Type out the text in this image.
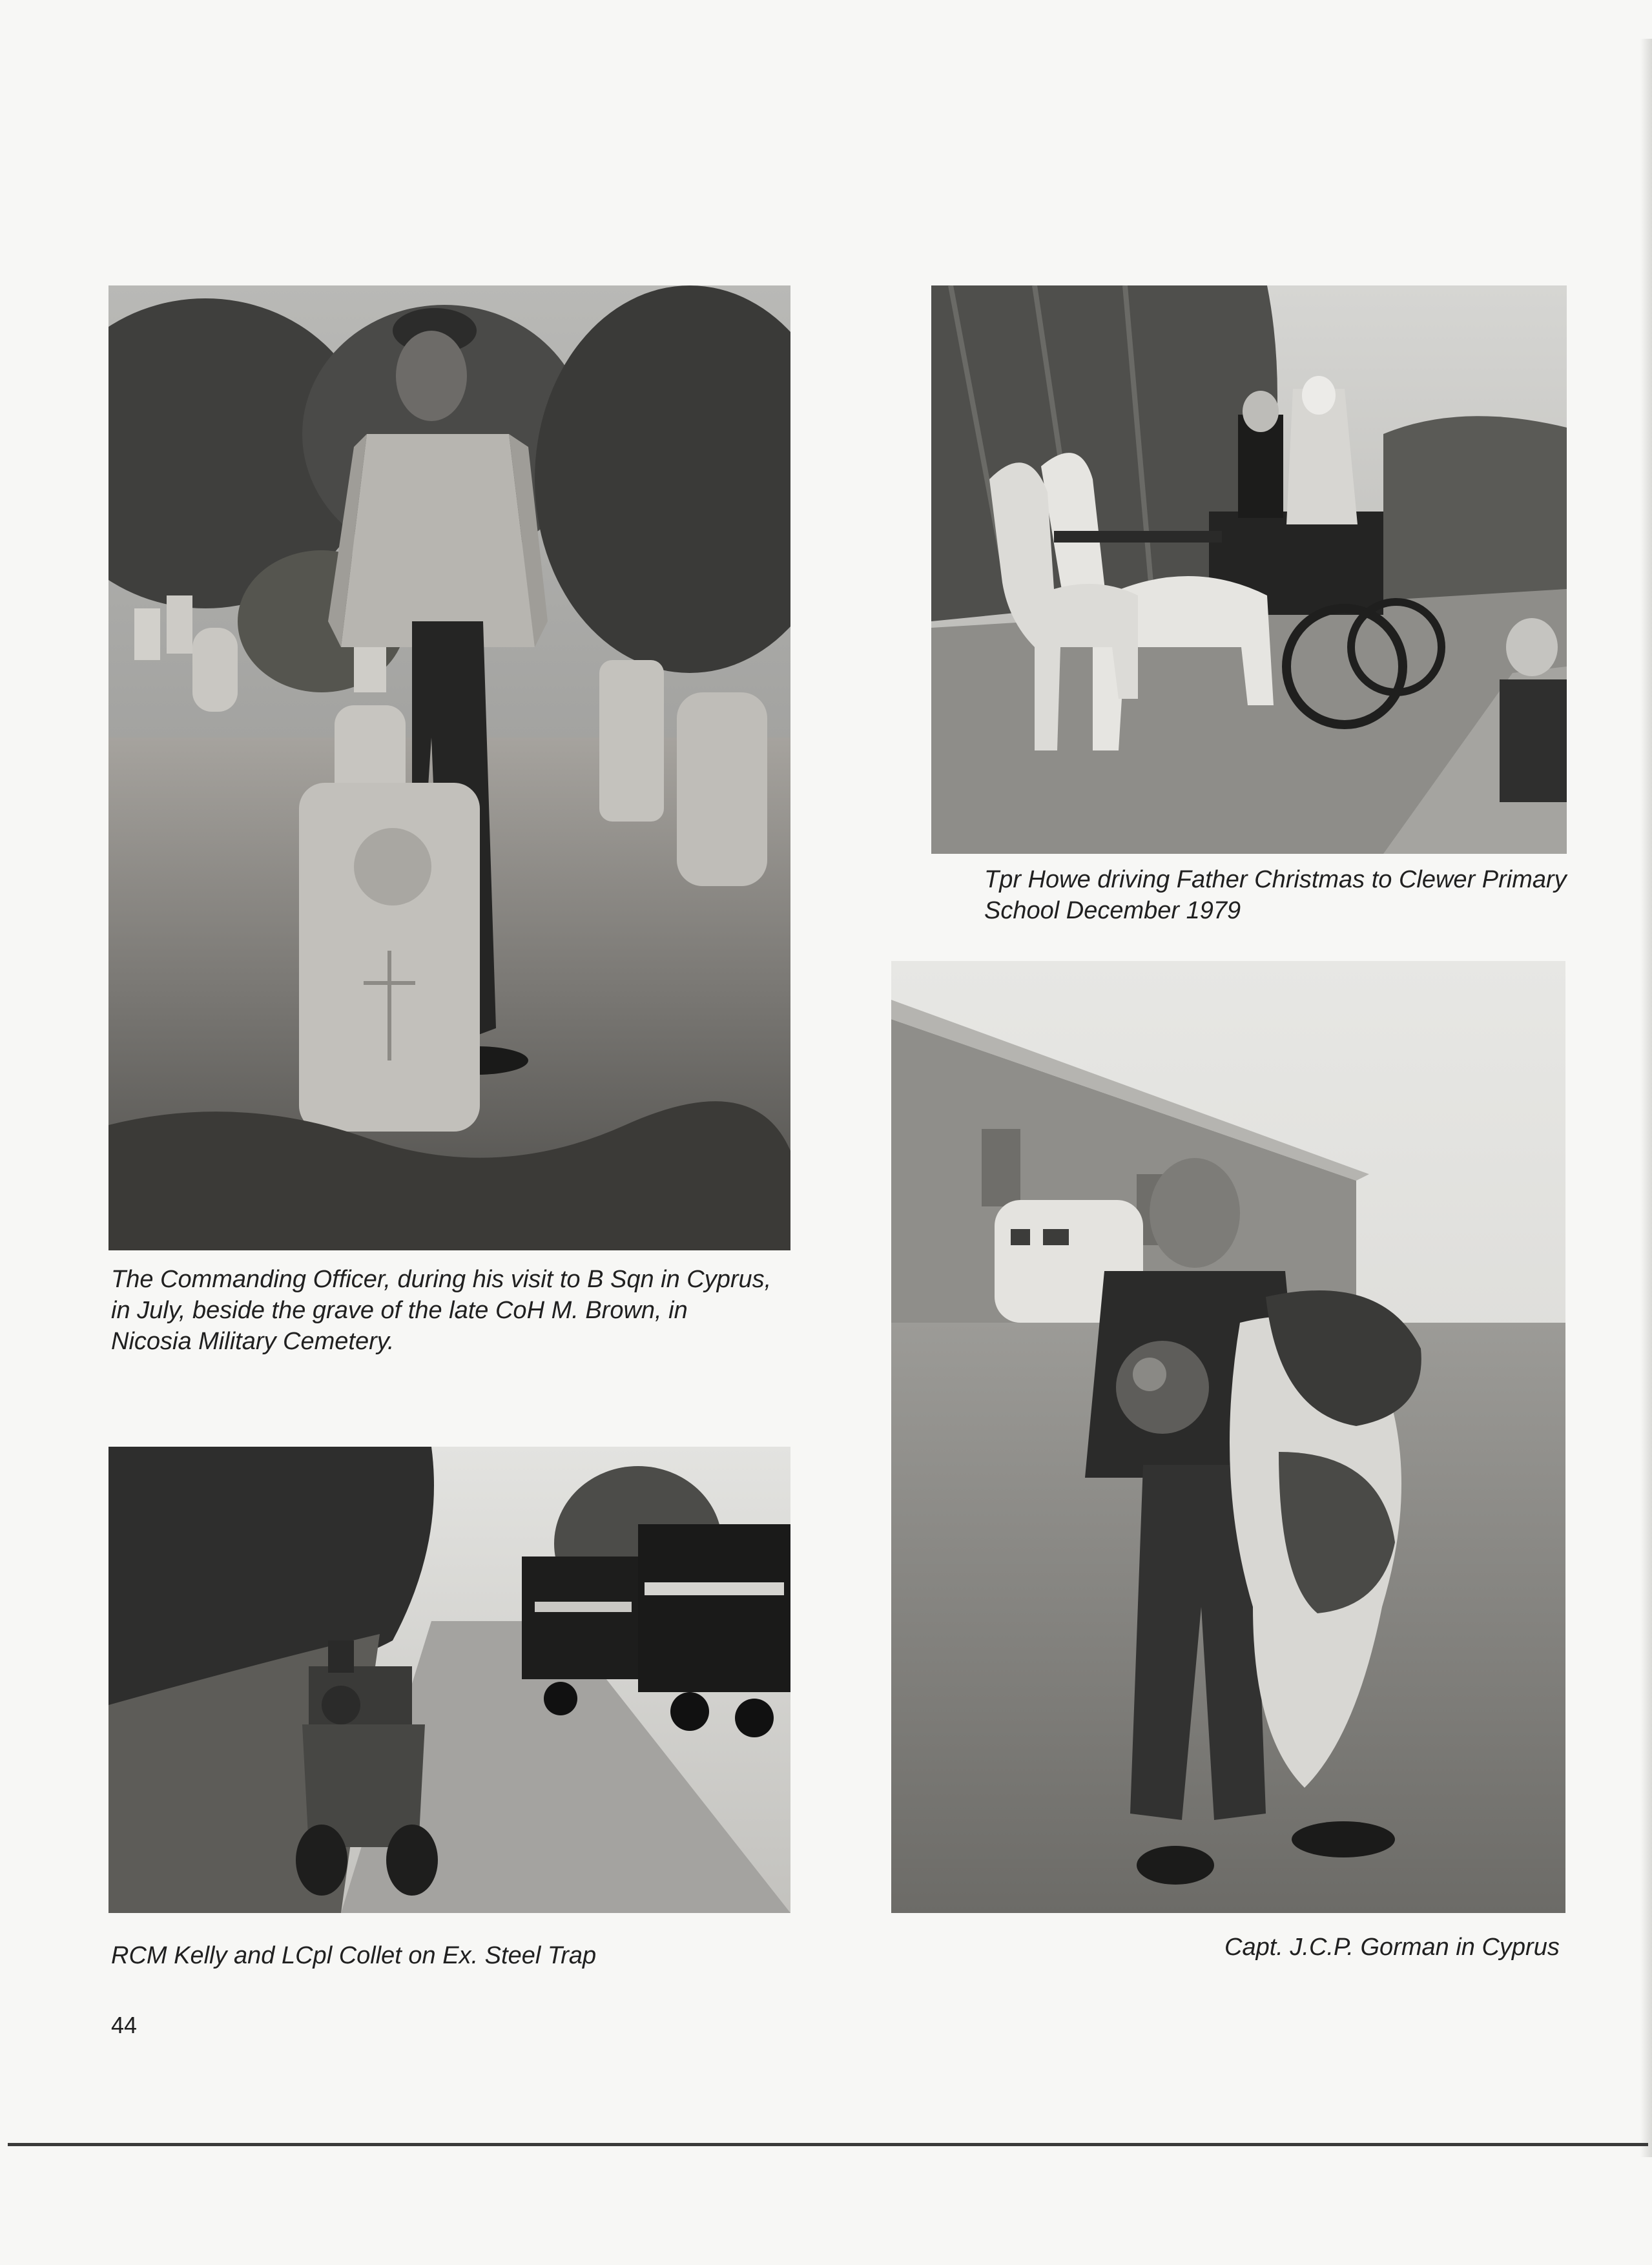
The Commanding Officer, during his visit to B Sqn in Cyprus,
in July, beside the grave of the late CoH M. Brown, in
Nicosia Military Cemetery.
Tpr Howe driving Father Christmas to Clewer Primary
School December 1979
RCM Kelly and LCpl Collet on Ex. Steel Trap	Capt. J.C.P. Gorman in Cyprus
44
